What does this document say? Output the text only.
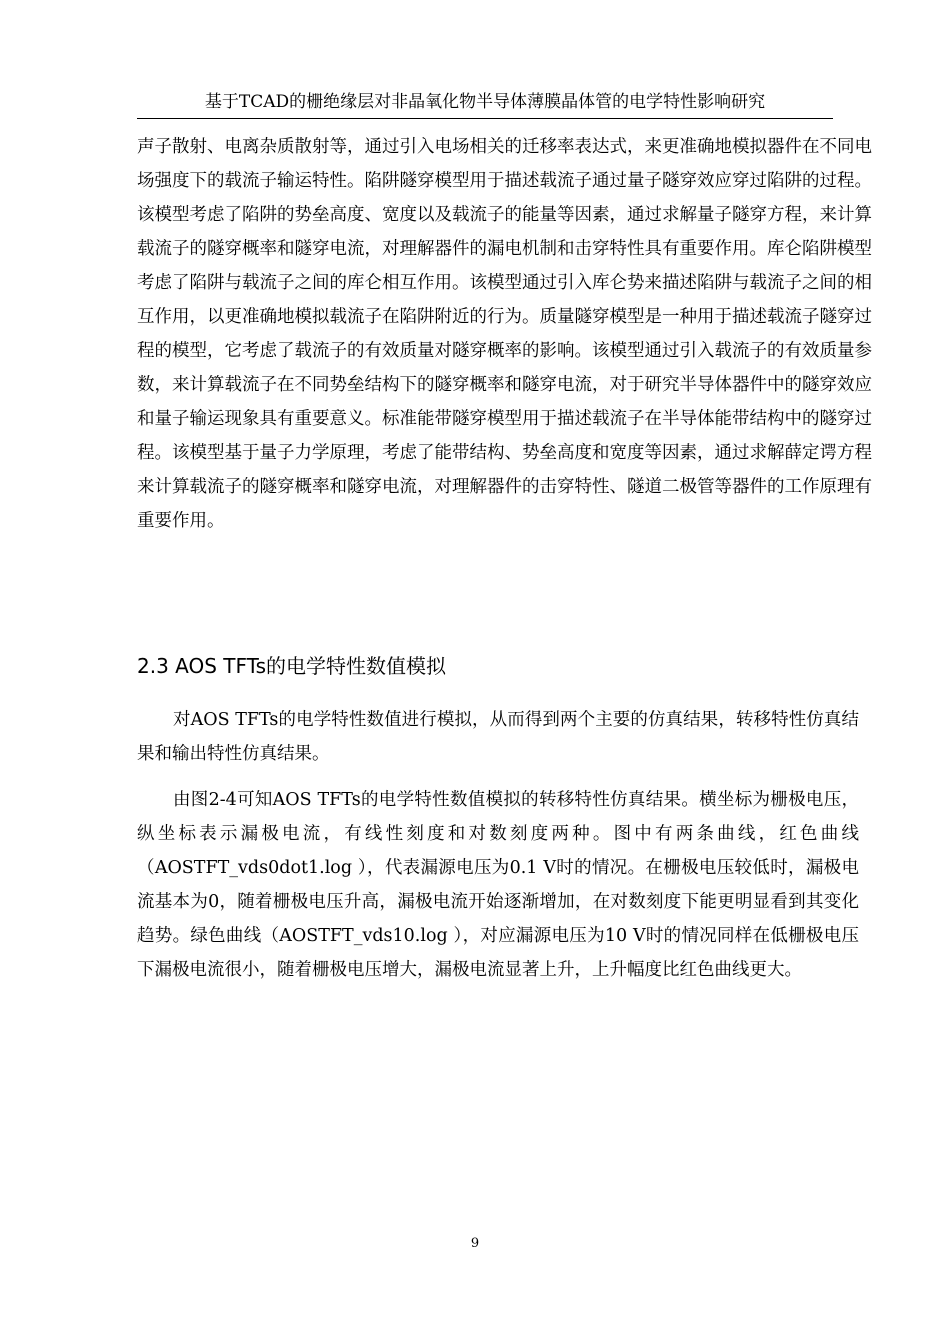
基于TCAD的栅绝缘层对非晶氧化物半导体薄膜晶体管的电学特性影响研究

声子散射、电离杂质散射等，通过引入电场相关的迁移率表达式，来更准确地模拟器件在不同电场强度下的载流子输运特性。陷阱隧穿模型用于描述载流子通过量子隧穿效应穿过陷阱的过程。该模型考虑了陷阱的势垒高度、宽度以及载流子的能量等因素，通过求解量子隧穿方程，来计算载流子的隧穿概率和隧穿电流，对理解器件的漏电机制和击穿特性具有重要作用。库仑陷阱模型考虑了陷阱与载流子之间的库仑相互作用。该模型通过引入库仑势来描述陷阱与载流子之间的相互作用，以更准确地模拟载流子在陷阱附近的行为。质量隧穿模型是一种用于描述载流子隧穿过程的模型，它考虑了载流子的有效质量对隧穿概率的影响。该模型通过引入载流子的有效质量参数，来计算载流子在不同势垒结构下的隧穿概率和隧穿电流，对于研究半导体器件中的隧穿效应和量子输运现象具有重要意义。标准能带隧穿模型用于描述载流子在半导体能带结构中的隧穿过程。该模型基于量子力学原理，考虑了能带结构、势垒高度和宽度等因素，通过求解薛定谔方程来计算载流子的隧穿概率和隧穿电流，对理解器件的击穿特性、隧道二极管等器件的工作原理有重要作用。

2.3 AOS TFTs的电学特性数值模拟

对AOS TFTs的电学特性数值进行模拟，从而得到两个主要的仿真结果，转移特性仿真结果和输出特性仿真结果。

由图2-4可知AOS TFTs的电学特性数值模拟的转移特性仿真结果。横坐标为栅极电压，纵坐标表示漏极电流，有线性刻度和对数刻度两种。图中有两条曲线，红色曲线（AOSTFT_vds0dot1.log ），代表漏源电压为0.1 V时的情况。在栅极电压较低时，漏极电流基本为0，随着栅极电压升高，漏极电流开始逐渐增加，在对数刻度下能更明显看到其变化趋势。绿色曲线（AOSTFT_vds10.log ），对应漏源电压为10 V时的情况同样在低栅极电压下漏极电流很小，随着栅极电压增大，漏极电流显著上升，上升幅度比红色曲线更大。

9
